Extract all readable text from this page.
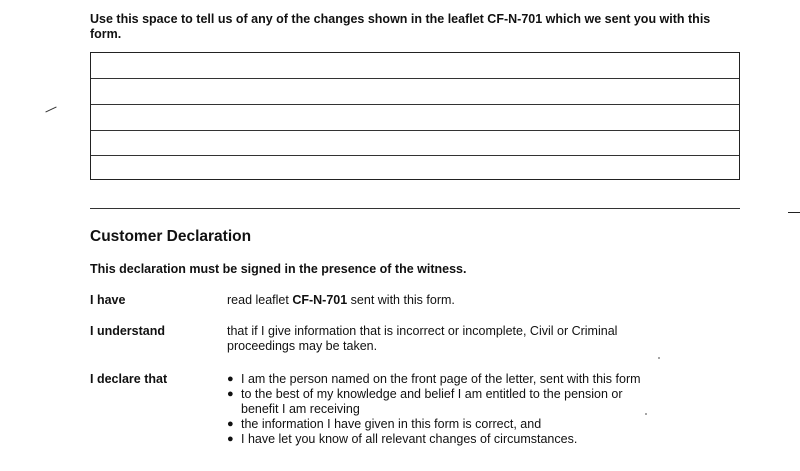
Use this space to tell us of any of the changes shown in the leaflet CF-N-701 which we sent you with this form.
Customer Declaration
This declaration must be signed in the presence of the witness.
I have	read leaflet CF-N-701 sent with this form.
I understand	that if I give information that is incorrect or incomplete, Civil or Criminal proceedings may be taken.
I declare that	● I am the person named on the front page of the letter, sent with this form
● to the best of my knowledge and belief I am entitled to the pension or benefit I am receiving
● the information I have given in this form is correct, and
● I have let you know of all relevant changes of circumstances.
